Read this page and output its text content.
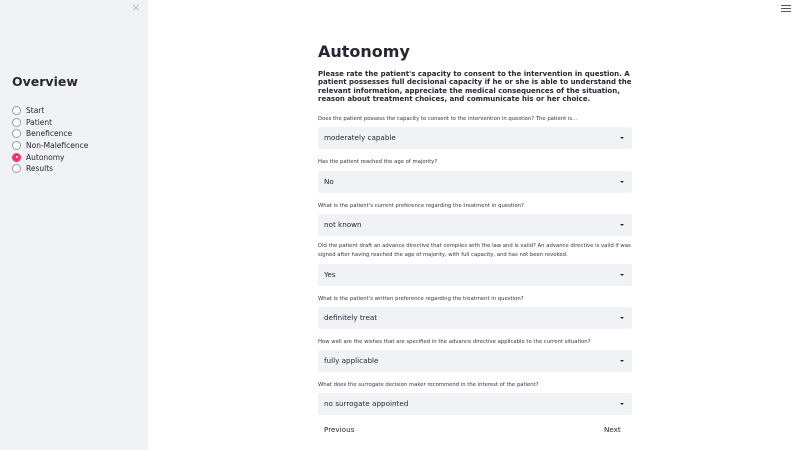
×
Overview
Start
Patient
Beneficence
Non-Maleficence
Autonomy
Results
Autonomy

Please rate the patient's capacity to consent to the intervention in question. A patient possesses full decisional capacity if he or she is able to understand the relevant information, appreciate the medical consequences of the situation, reason about treatment choices, and communicate his or her choice.

Does the patient possess the capacity to consent to the intervention in question? The patient is...
moderately capable
Has the patient reached the age of majority?
No
What is the patient's current preference regarding the treatment in question?
not known
Did the patient draft an advance directive that complies with the law and is valid? An advance directive is valid if was signed after having reached the age of majority, with full capacity, and has not been revoked.
Yes
What is the patient's written preference regarding the treatment in question?
definitely treat
How well are the wishes that are specified in the advance directive applicable to the current situation?
fully applicable
What does the surrogate decision maker recommend in the interest of the patient?
no surrogate appointed
Previous	Next
